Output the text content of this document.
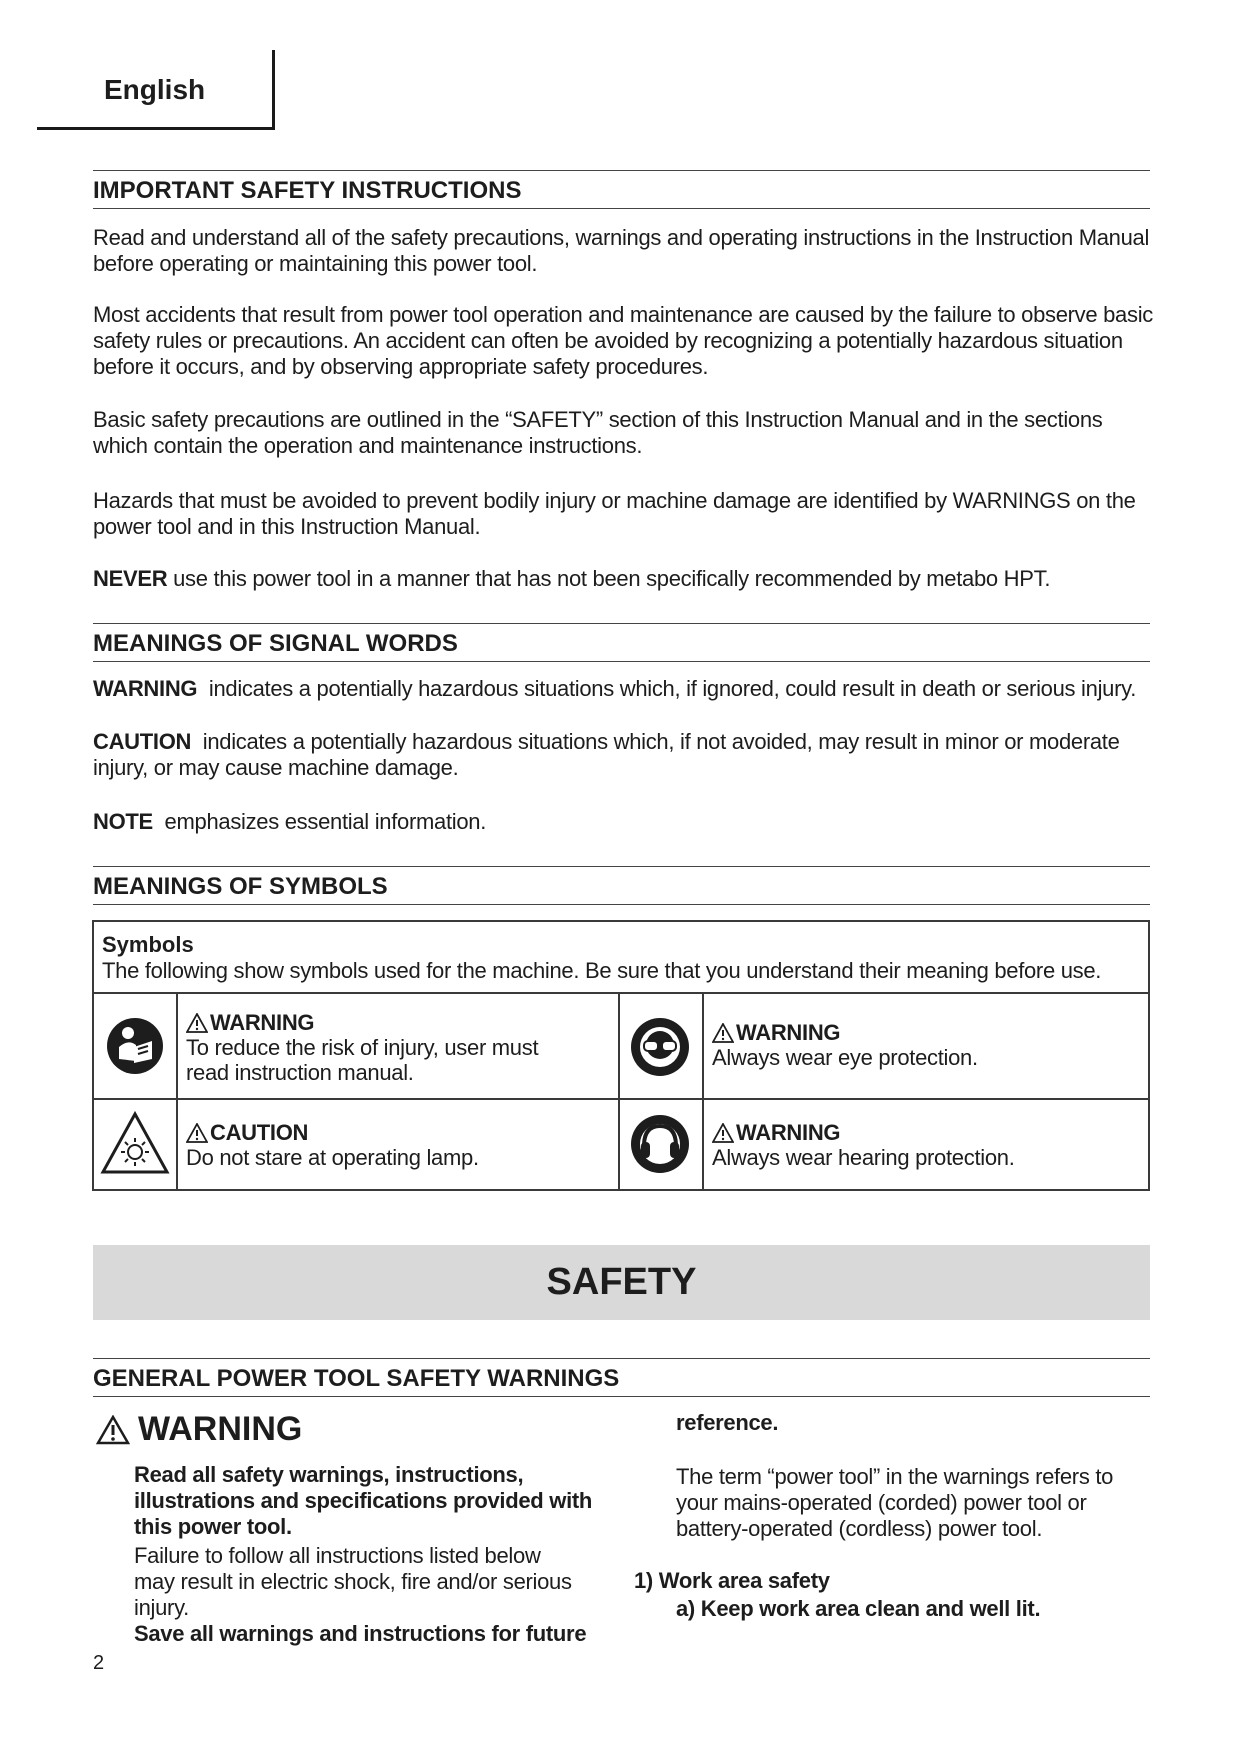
English
IMPORTANT SAFETY INSTRUCTIONS
Read and understand all of the safety precautions, warnings and operating instructions in the Instruction Manual before operating or maintaining this power tool.
Most accidents that result from power tool operation and maintenance are caused by the failure to observe basic safety rules or precautions. An accident can often be avoided by recognizing a potentially hazardous situation before it occurs, and by observing appropriate safety procedures.
Basic safety precautions are outlined in the “SAFETY” section of this Instruction Manual and in the sections which contain the operation and maintenance instructions.
Hazards that must be avoided to prevent bodily injury or machine damage are identified by WARNINGS on the power tool and in this Instruction Manual.
NEVER use this power tool in a manner that has not been specifically recommended by metabo HPT.
MEANINGS OF SIGNAL WORDS
WARNING  indicates a potentially hazardous situations which, if ignored, could result in death or serious injury.
CAUTION  indicates a potentially hazardous situations which, if not avoided, may result in minor or moderate injury, or may cause machine damage.
NOTE  emphasizes essential information.
MEANINGS OF SYMBOLS
Symbols
The following show symbols used for the machine. Be sure that you understand their meaning before use.
WARNING
To reduce the risk of injury, user must read instruction manual.
WARNING
Always wear eye protection.
CAUTION
Do not stare at operating lamp.
WARNING
Always wear hearing protection.
SAFETY
GENERAL POWER TOOL SAFETY WARNINGS
WARNING
Read all safety warnings, instructions, illustrations and specifications provided with this power tool.
Failure to follow all instructions listed below may result in electric shock, fire and/or serious injury.
Save all warnings and instructions for future
reference.
The term “power tool” in the warnings refers to your mains-operated (corded) power tool or battery-operated (cordless) power tool.
1) Work area safety
a) Keep work area clean and well lit.
2
